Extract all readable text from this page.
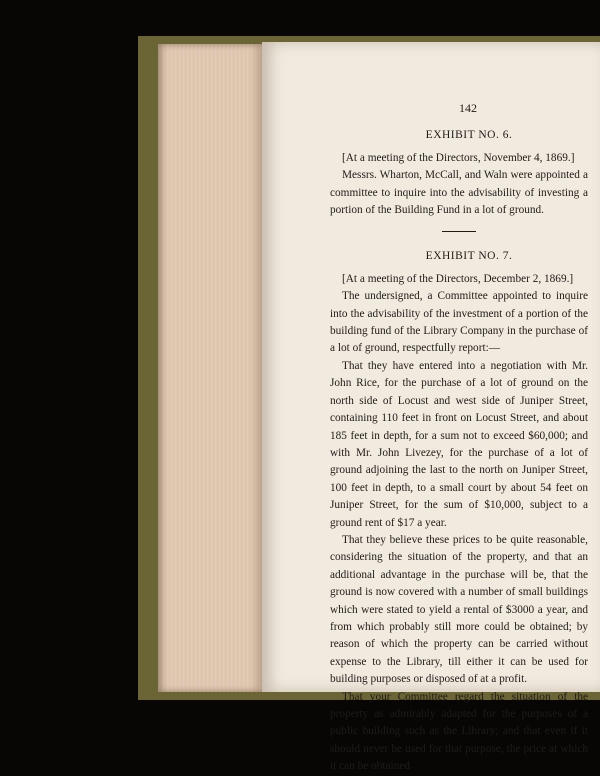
142
EXHIBIT NO. 6.

[At a meeting of the Directors, November 4, 1869.]

Messrs. Wharton, McCall, and Waln were appointed a committee to inquire into the advisability of investing a portion of the Building Fund in a lot of ground.

EXHIBIT NO. 7.

[At a meeting of the Directors, December 2, 1869.]

The undersigned, a Committee appointed to inquire into the advisability of the investment of a portion of the building fund of the Library Company in the purchase of a lot of ground, respectfully report:—

That they have entered into a negotiation with Mr. John Rice, for the purchase of a lot of ground on the north side of Locust and west side of Juniper Street, containing 110 feet in front on Locust Street, and about 185 feet in depth, for a sum not to exceed $60,000; and with Mr. John Livezey, for the purchase of a lot of ground adjoining the last to the north on Juniper Street, 100 feet in depth, to a small court by about 54 feet on Juniper Street, for the sum of $10,000, subject to a ground rent of $17 a year.

That they believe these prices to be quite reasonable, considering the situation of the property, and that an additional advantage in the purchase will be, that the ground is now covered with a number of small buildings which were stated to yield a rental of $3000 a year, and from which probably still more could be obtained; by reason of which the property can be carried without expense to the Library, till either it can be used for building purposes or disposed of at a profit.

That your Committee regard the situation of the property as admirably adapted for the purposes of a public building such as the Library; and that even if it should never be used for that purpose, the price at which it can be obtained
